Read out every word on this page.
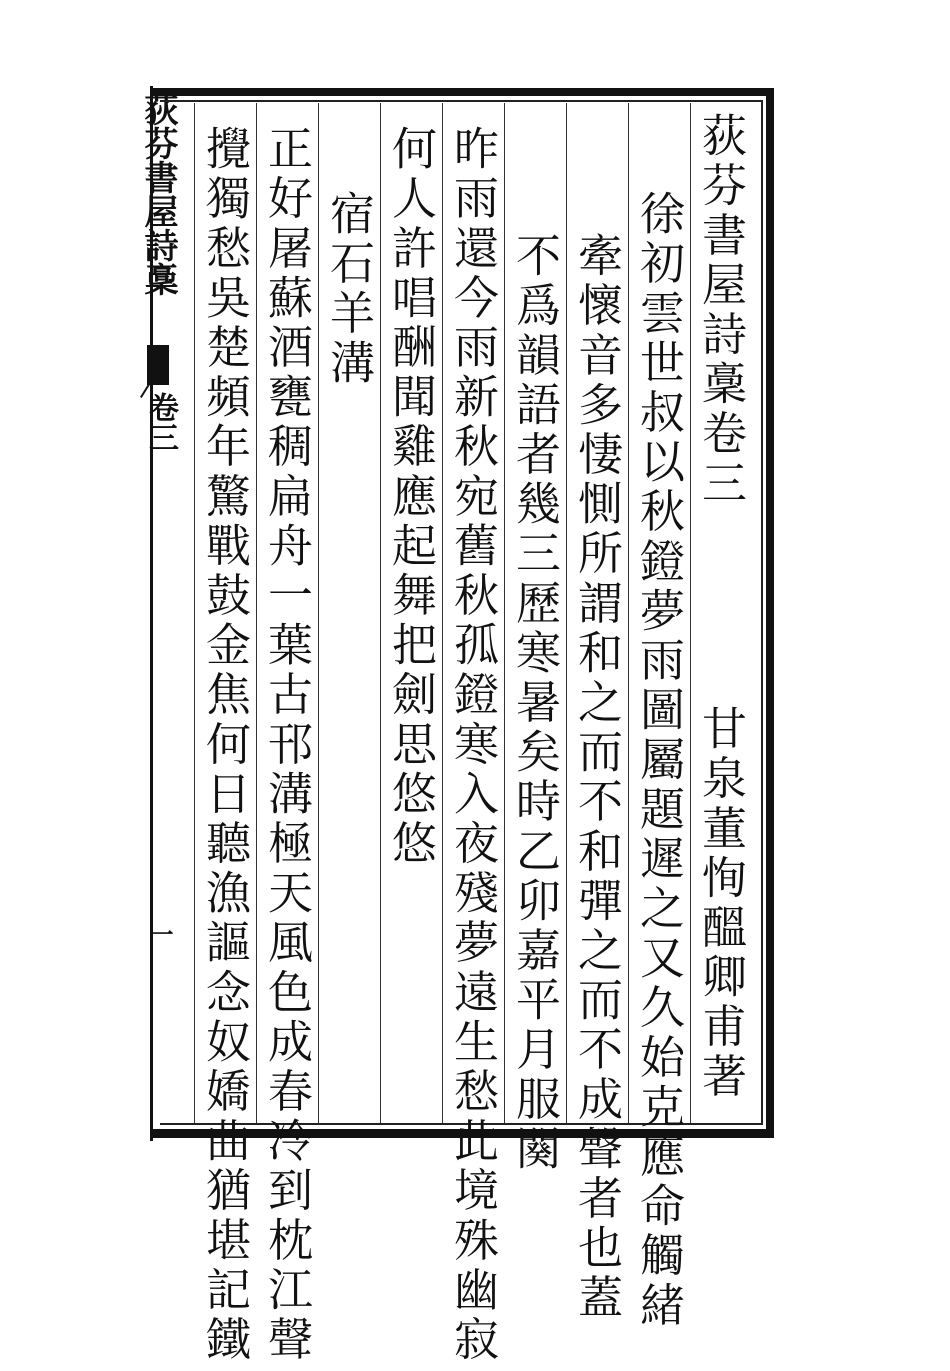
荻芬書屋詩稾
卷三
一
荻芬書屋詩稾卷三
徐初雲世叔以秋鐙夢雨圖屬題遲之又久始克應命觸緒 甘泉董恂醞卿甫著
牽懷音多悽惻所謂和之而不和彈之而不成聲者也蓋
不爲韻語者幾三歷寒暑矣時乙卯嘉平月服闋
昨雨還今雨新秋宛舊秋孤鐙寒入夜殘夢遠生愁此境殊幽寂
何人許唱酬聞雞應起舞把劍思悠悠
宿石羊溝
正好屠蘇酒甕稠扁舟一葉古邗溝極天風色成春冷到枕江聲
攪獨愁吳楚頻年驚戰鼓金焦何日聽漁謳念奴嬌曲猶堪記鐵
